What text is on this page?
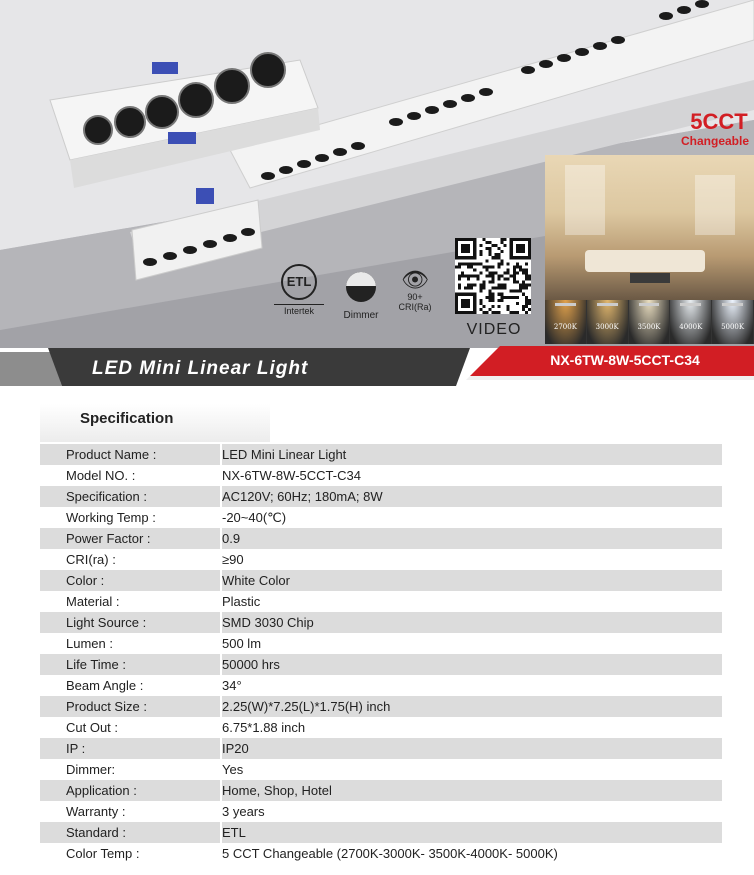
ETL
Intertek	Dimmer
👁
90+
CRI(Ra)
VIDEO
5CCT
Changeable
2700K	3000K	3500K	4000K	5000K
LED Mini Linear Light	NX-6TW-8W-5CCT-C34
Specification
Product Name :	LED Mini Linear Light
Model NO. :	NX-6TW-8W-5CCT-C34
Specification :	AC120V; 60Hz; 180mA; 8W
Working Temp :	-20~40(℃)
Power Factor :	0.9
CRI(ra) :	≥90
Color :	White Color
Material :	Plastic
Light Source :	SMD 3030 Chip
Lumen :	500 lm
Life Time :	50000 hrs
Beam Angle :	34°
Product Size :	2.25(W)*7.25(L)*1.75(H) inch
Cut Out :	6.75*1.88 inch
IP :	IP20
Dimmer:	Yes
Application :	Home, Shop, Hotel
Warranty :	3 years
Standard :	ETL
Color Temp :	5 CCT Changeable (2700K-3000K- 3500K-4000K- 5000K)
